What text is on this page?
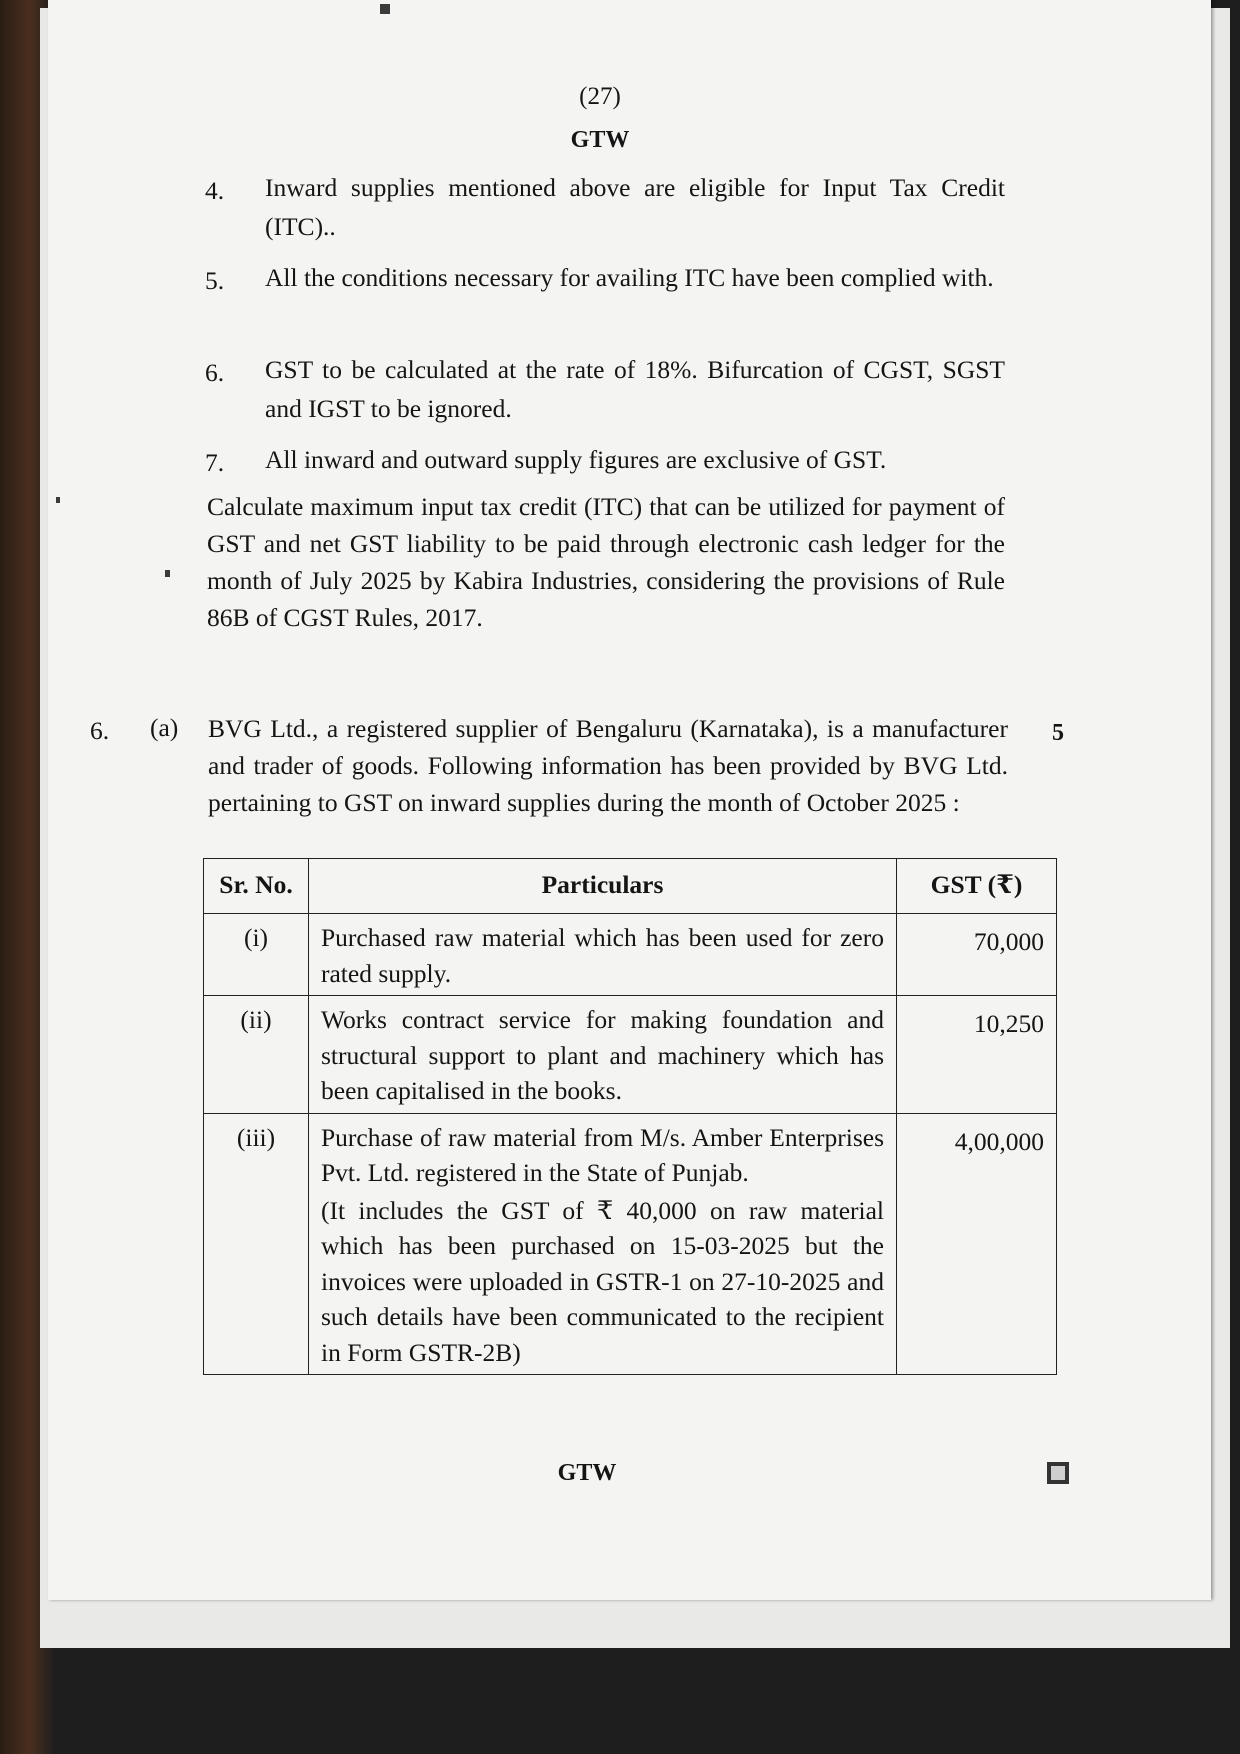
(27)
GTW
4.	Inward supplies mentioned above are eligible for Input Tax Credit (ITC)..
5.	All the conditions necessary for availing ITC have been complied with.
6.	GST to be calculated at the rate of 18%. Bifurcation of CGST, SGST and IGST to be ignored.
7.	All inward and outward supply figures are exclusive of GST.
Calculate maximum input tax credit (ITC) that can be utilized for payment of GST and net GST liability to be paid through electronic cash ledger for the month of July 2025 by Kabira Industries, considering the provisions of Rule 86B of CGST Rules, 2017.
6. (a)	5
BVG Ltd., a registered supplier of Bengaluru (Karnataka), is a manufacturer and trader of goods. Following information has been provided by BVG Ltd. pertaining to GST on inward supplies during the month of October 2025 :
Sr. No.	Particulars	GST (₹)
(i)	Purchased raw material which has been used for zero rated supply.	70,000
(ii)	Works contract service for making foundation and structural support to plant and machinery which has been capitalised in the books.	10,250
(iii)	Purchase of raw material from M/s. Amber Enterprises Pvt. Ltd. registered in the State of Punjab.
(It includes the GST of ₹ 40,000 on raw material which has been purchased on 15-03-2025 but the invoices were uploaded in GSTR-1 on 27-10-2025 and such details have been communicated to the recipient in Form GSTR-2B)	4,00,000
GTW
